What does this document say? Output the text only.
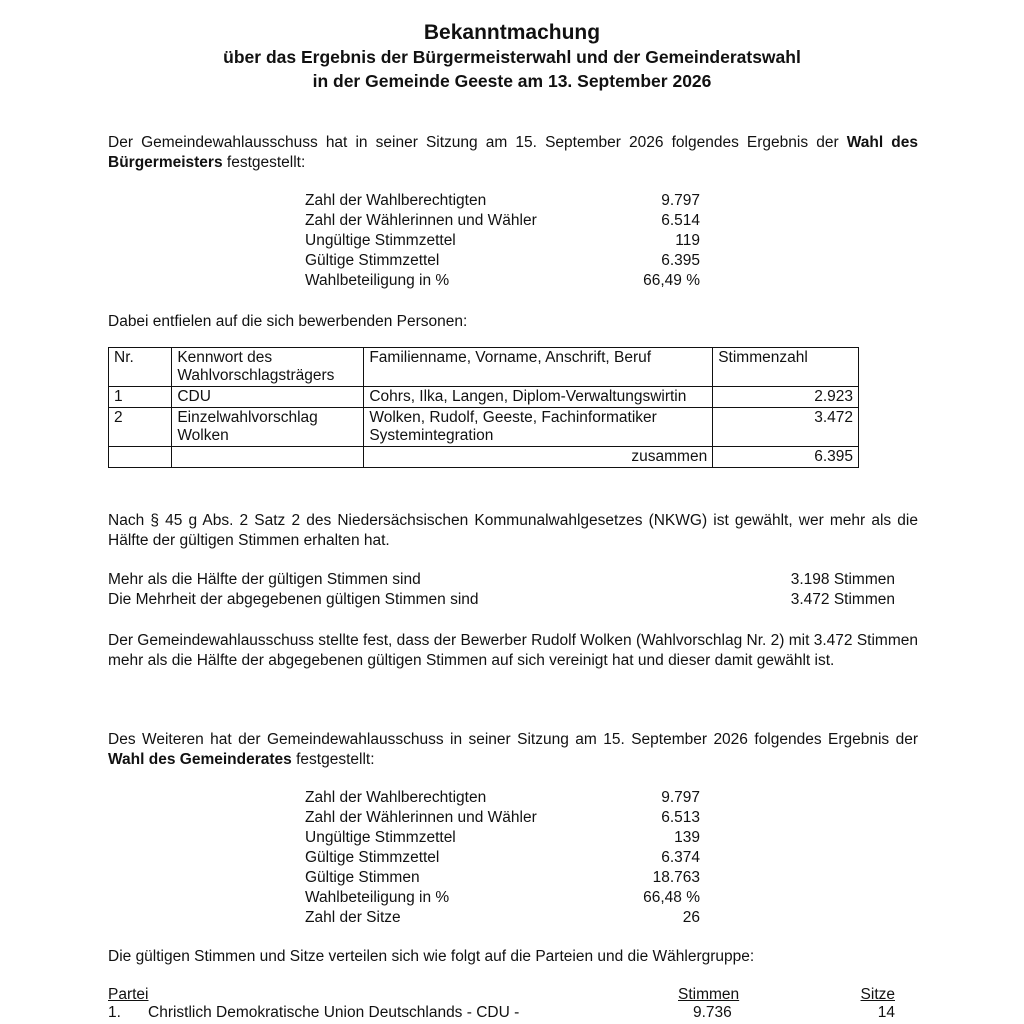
Bekanntmachung
über das Ergebnis der Bürgermeisterwahl und der Gemeinderatswahl
in der Gemeinde Geeste am 13. September 2026
Der Gemeindewahlausschuss hat in seiner Sitzung am 15. September 2026 folgendes Ergebnis der Wahl des Bürgermeisters festgestellt:
Zahl der Wahlberechtigten	9.797
Zahl der Wählerinnen und Wähler	6.514
Ungültige Stimmzettel	119
Gültige Stimmzettel	6.395
Wahlbeteiligung in %	66,49 %
Dabei entfielen auf die sich bewerbenden Personen:
Nr.	Kennwort des Wahlvorschlagsträgers	Familienname, Vorname, Anschrift, Beruf	Stimmenzahl
1	CDU	Cohrs, Ilka, Langen, Diplom-Verwaltungswirtin	2.923
2	Einzelwahlvorschlag Wolken	Wolken, Rudolf, Geeste, Fachinformatiker Systemintegration	3.472
		zusammen	6.395
Nach § 45 g Abs. 2 Satz 2 des Niedersächsischen Kommunalwahlgesetzes (NKWG) ist gewählt, wer mehr als die Hälfte der gültigen Stimmen erhalten hat.
Mehr als die Hälfte der gültigen Stimmen sind	3.198 Stimmen
Die Mehrheit der abgegebenen gültigen Stimmen sind	3.472 Stimmen
Der Gemeindewahlausschuss stellte fest, dass der Bewerber Rudolf Wolken (Wahlvorschlag Nr. 2) mit 3.472 Stimmen mehr als die Hälfte der abgegebenen gültigen Stimmen auf sich vereinigt hat und dieser damit gewählt ist.
Des Weiteren hat der Gemeindewahlausschuss in seiner Sitzung am 15. September 2026 folgendes Ergebnis der Wahl des Gemeinderates festgestellt:
Zahl der Wahlberechtigten	9.797
Zahl der Wählerinnen und Wähler	6.513
Ungültige Stimmzettel	139
Gültige Stimmzettel	6.374
Gültige Stimmen	18.763
Wahlbeteiligung in %	66,48 %
Zahl der Sitze	26
Die gültigen Stimmen und Sitze verteilen sich wie folgt auf die Parteien und die Wählergruppe:
Partei	Stimmen	Sitze
1. Christlich Demokratische Union Deutschlands - CDU -	9.736	14
